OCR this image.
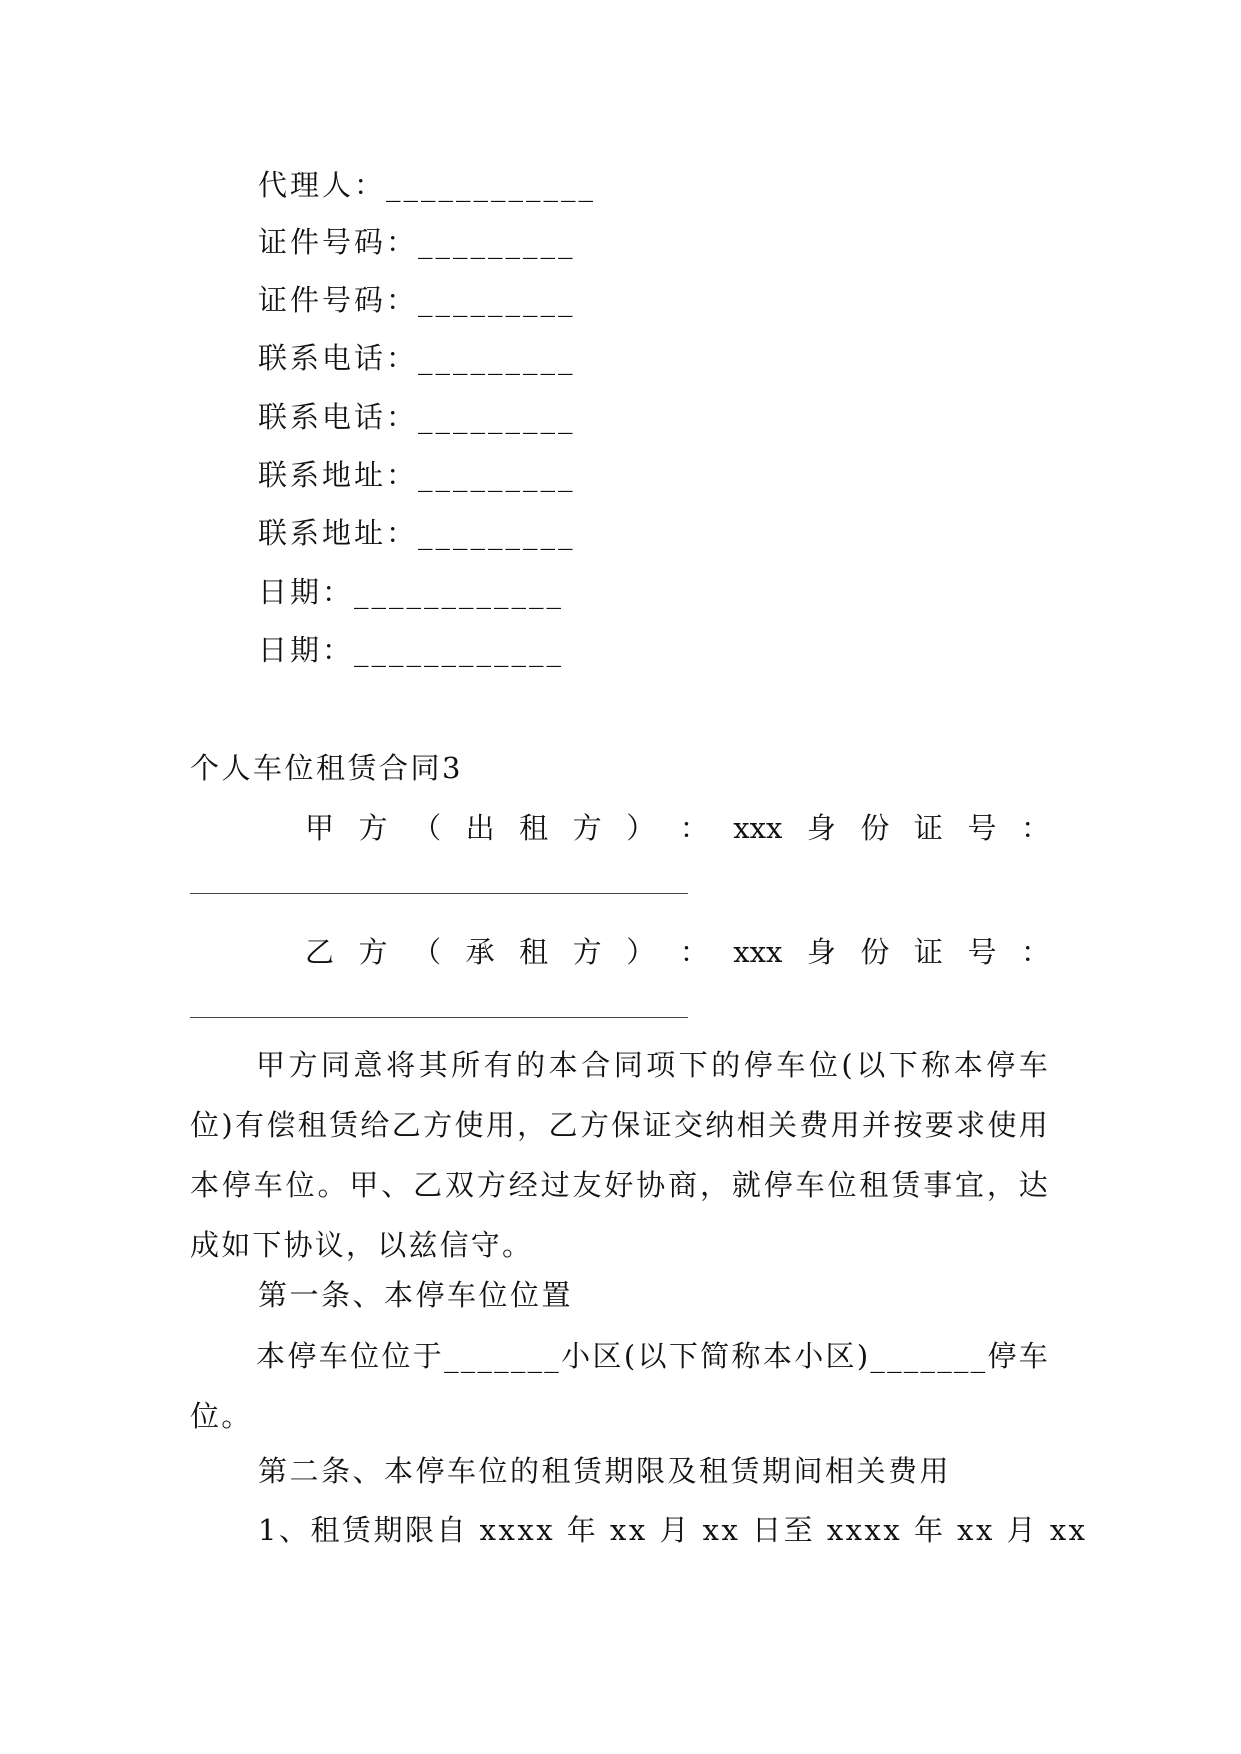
代理人：____________
证件号码：_________
证件号码：_________
联系电话：_________
联系电话：_________
联系地址：_________
联系地址：_________
日期：____________
日期：____________
个人车位租赁合同3
甲 方 （ 出 租 方 ） ： xxx 身 份 证 号 ：
乙 方 （ 承 租 方 ） ： xxx 身 份 证 号 ：
甲方同意将其所有的本合同项下的停车位(以下称本停车位)有偿租赁给乙方使用，乙方保证交纳相关费用并按要求使用本停车位。甲、乙双方经过友好协商，就停车位租赁事宜，达成如下协议，以兹信守。
第一条、本停车位位置
本停车位位于_______小区(以下简称本小区)_______停车位。
第二条、本停车位的租赁期限及租赁期间相关费用
1、租赁期限自 xxxx 年 xx 月 xx 日至 xxxx 年 xx 月 xx
